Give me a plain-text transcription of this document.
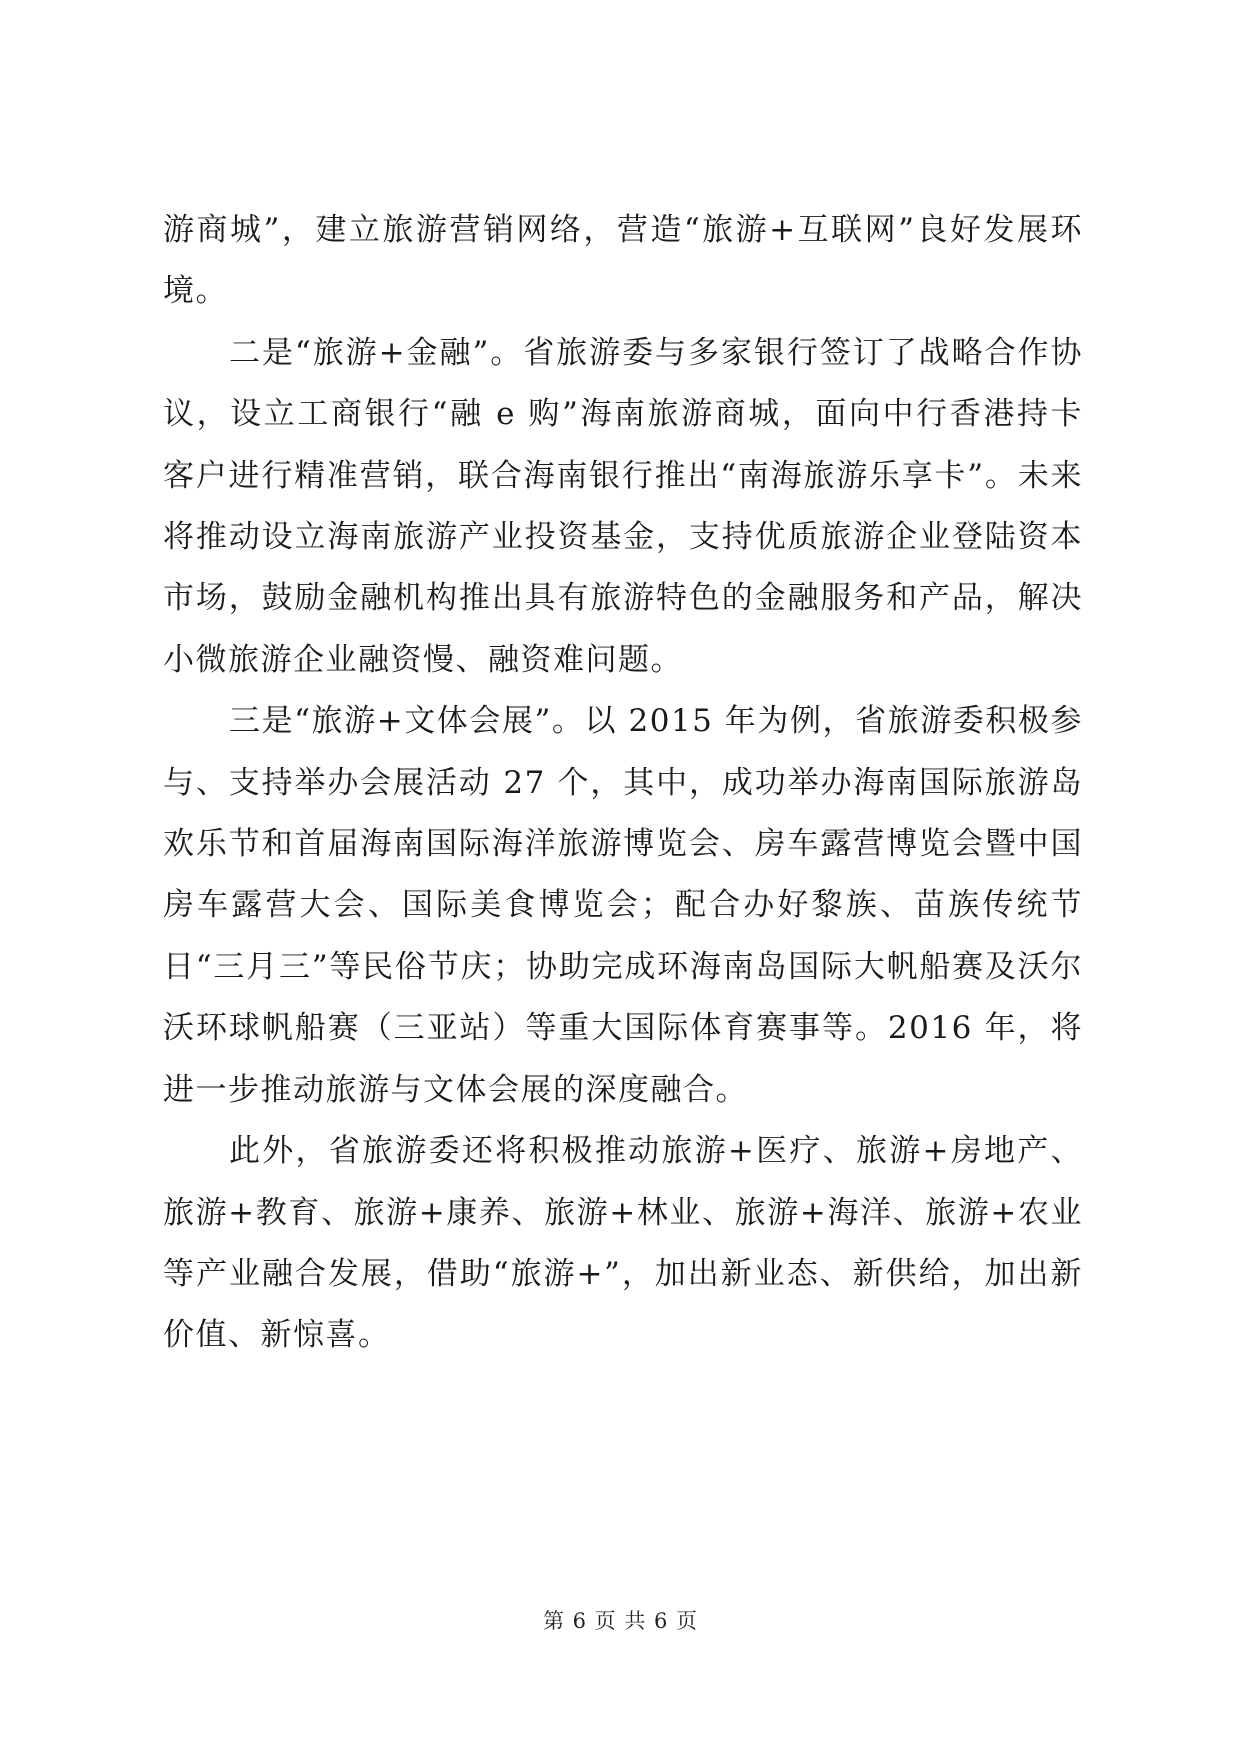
游商城”，建立旅游营销网络，营造“旅游+互联网”良好发展环境。

二是“旅游+金融”。省旅游委与多家银行签订了战略合作协议，设立工商银行“融 e 购”海南旅游商城，面向中行香港持卡客户进行精准营销，联合海南银行推出“南海旅游乐享卡”。未来将推动设立海南旅游产业投资基金，支持优质旅游企业登陆资本市场，鼓励金融机构推出具有旅游特色的金融服务和产品，解决小微旅游企业融资慢、融资难问题。

三是“旅游+文体会展”。以 2015 年为例，省旅游委积极参与、支持举办会展活动 27 个，其中，成功举办海南国际旅游岛欢乐节和首届海南国际海洋旅游博览会、房车露营博览会暨中国房车露营大会、国际美食博览会；配合办好黎族、苗族传统节日“三月三”等民俗节庆；协助完成环海南岛国际大帆船赛及沃尔沃环球帆船赛（三亚站）等重大国际体育赛事等。2016 年，将进一步推动旅游与文体会展的深度融合。

此外，省旅游委还将积极推动旅游+医疗、旅游+房地产、旅游+教育、旅游+康养、旅游+林业、旅游+海洋、旅游+农业等产业融合发展，借助“旅游+”，加出新业态、新供给，加出新价值、新惊喜。

第 6 页 共 6 页
